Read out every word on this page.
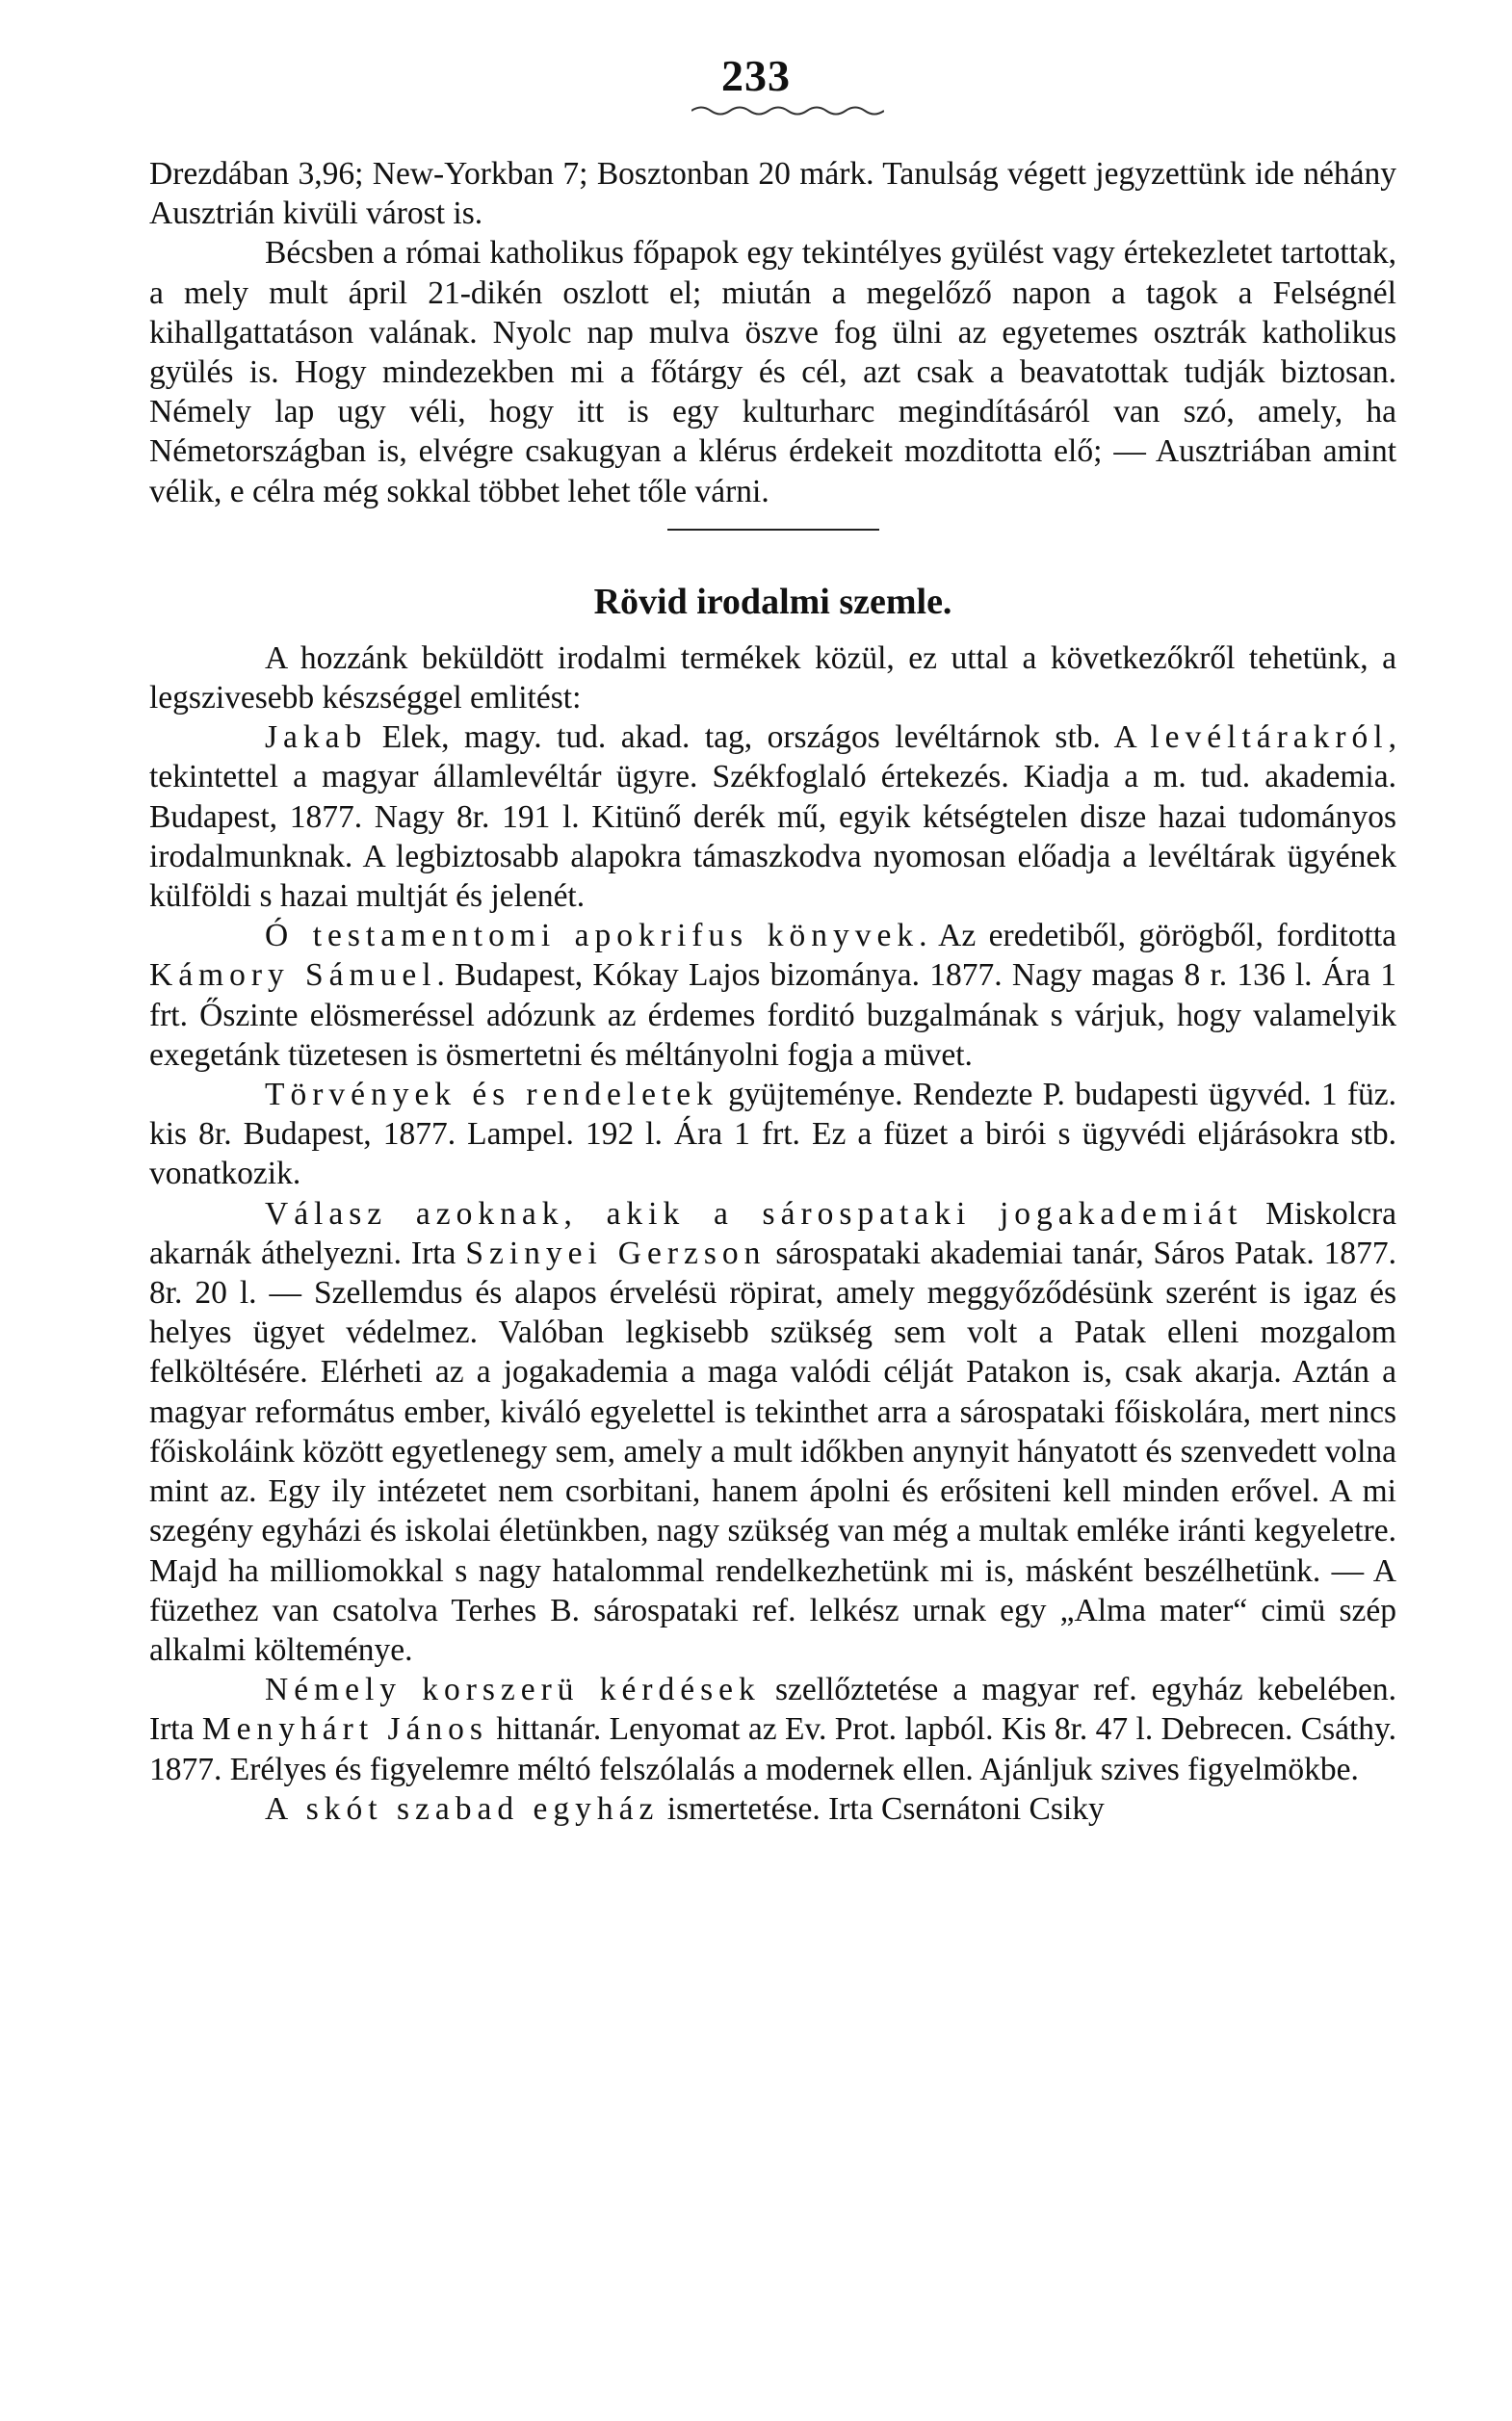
233

Drezdában 3,96; New-Yorkban 7; Bosztonban 20 márk. Tanulság végett jegyzettünk ide néhány Ausztrián kivüli várost is.

Bécsben a római katholikus főpapok egy tekintélyes gyülést vagy értekezletet tartottak, a mely mult ápril 21-dikén oszlott el; miután a megelőző napon a tagok a Felségnél kihallgattatáson valának. Nyolc nap mulva öszve fog ülni az egyetemes osztrák katholikus gyülés is. Hogy mindezekben mi a főtárgy és cél, azt csak a beavatottak tudják biztosan. Némely lap ugy véli, hogy itt is egy kulturharc megindításáról van szó, amely, ha Németországban is, elvégre csakugyan a klérus érdekeit mozditotta elő; — Ausztriában amint vélik, e célra még sokkal többet lehet tőle várni.

Rövid irodalmi szemle.

A hozzánk beküldött irodalmi termékek közül, ez uttal a következőkről tehetünk, a legszivesebb készséggel emlitést:

Jakab Elek, magy. tud. akad. tag, országos levéltárnok stb. A levéltárakról, tekintettel a magyar államlevéltár ügyre. Székfoglaló értekezés. Kiadja a m. tud. akademia. Budapest, 1877. Nagy 8r. 191 l. Kitünő derék mű, egyik kétségtelen disze hazai tudományos irodalmunknak. A legbiztosabb alapokra támaszkodva nyomosan előadja a levéltárak ügyének külföldi s hazai multját és jelenét.

Ó testamentomi apokrifus könyvek. Az eredetiből, görögből, forditotta Kámory Sámuel. Budapest, Kókay Lajos bizománya. 1877. Nagy magas 8 r. 136 l. Ára 1 frt. Őszinte elösmeréssel adózunk az érdemes forditó buzgalmának s várjuk, hogy valamelyik exegetánk tüzetesen is ösmertetni és méltányolni fogja a müvet.

Törvények és rendeletek gyüjteménye. Rendezte P. budapesti ügyvéd. 1 füz. kis 8r. Budapest, 1877. Lampel. 192 l. Ára 1 frt. Ez a füzet a birói s ügyvédi eljárásokra stb. vonatkozik.

Válasz azoknak, akik a sárospataki jogakademiát Miskolcra akarnák áthelyezni. Irta Szinyei Gerzson sárospataki akademiai tanár, Sáros Patak. 1877. 8r. 20 l. — Szellemdus és alapos érvelésü röpirat, amely meggyőződésünk szerént is igaz és helyes ügyet védelmez. Valóban legkisebb szükség sem volt a Patak elleni mozgalom felköltésére. Elérheti az a jogakademia a maga valódi célját Patakon is, csak akarja. Aztán a magyar református ember, kiváló egyelettel is tekinthet arra a sárospataki főiskolára, mert nincs főiskoláink között egyetlenegy sem, amely a mult időkben anynyit hányatott és szenvedett volna mint az. Egy ily intézetet nem csorbitani, hanem ápolni és erősiteni kell minden erővel. A mi szegény egyházi és iskolai életünkben, nagy szükség van még a multak emléke iránti kegyeletre. Majd ha milliomokkal s nagy hatalommal rendelkezhetünk mi is, másként beszélhetünk. — A füzethez van csatolva Terhes B. sárospataki ref. lelkész urnak egy „Alma mater“ cimü szép alkalmi költeménye.

Némely korszerü kérdések szellőztetése a magyar ref. egyház kebelében. Irta Menyhárt János hittanár. Lenyomat az Ev. Prot. lapból. Kis 8r. 47 l. Debrecen. Csáthy. 1877. Erélyes és figyelemre méltó felszólalás a modernek ellen. Ajánljuk szives figyelmökbe.

A skót szabad egyház ismertetése. Irta Csernátoni Csiky
